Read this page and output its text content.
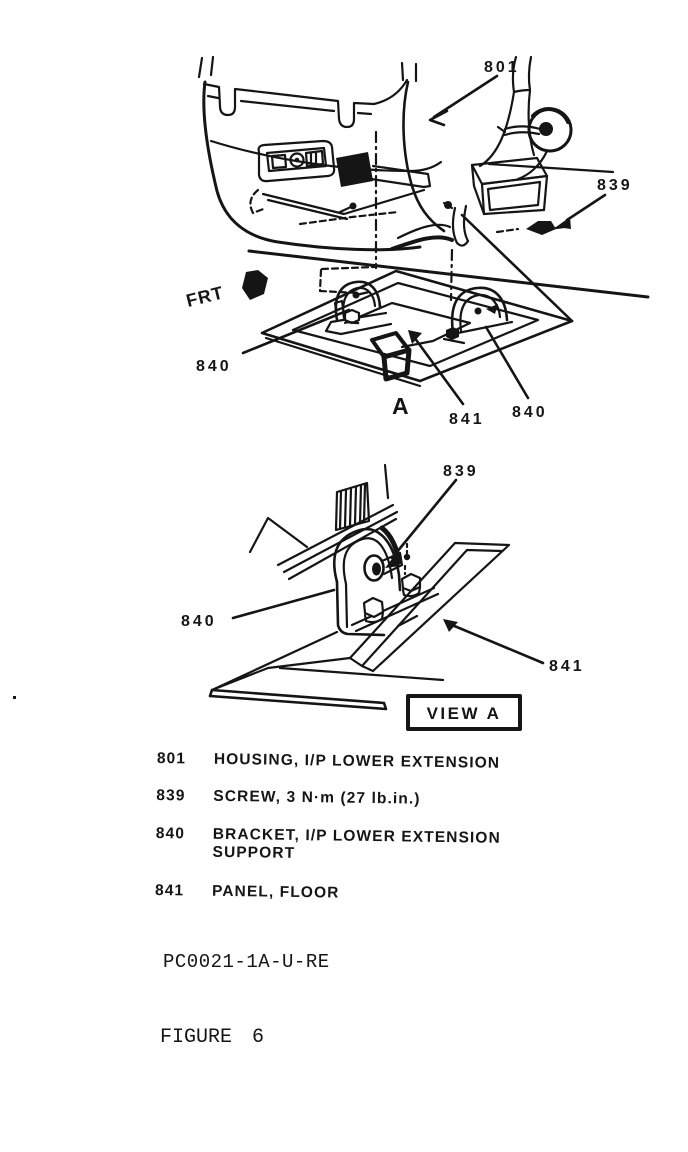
FRT
801
839
840
841 840
A
839
840
841
VIEW A
801	HOUSING, I/P LOWER EXTENSION
839	SCREW, 3 N·m (27 lb.in.)
840	BRACKET, I/P LOWER EXTENSION SUPPORT
841	PANEL, FLOOR
PC0021-1A-U-RE
FIGURE 6
